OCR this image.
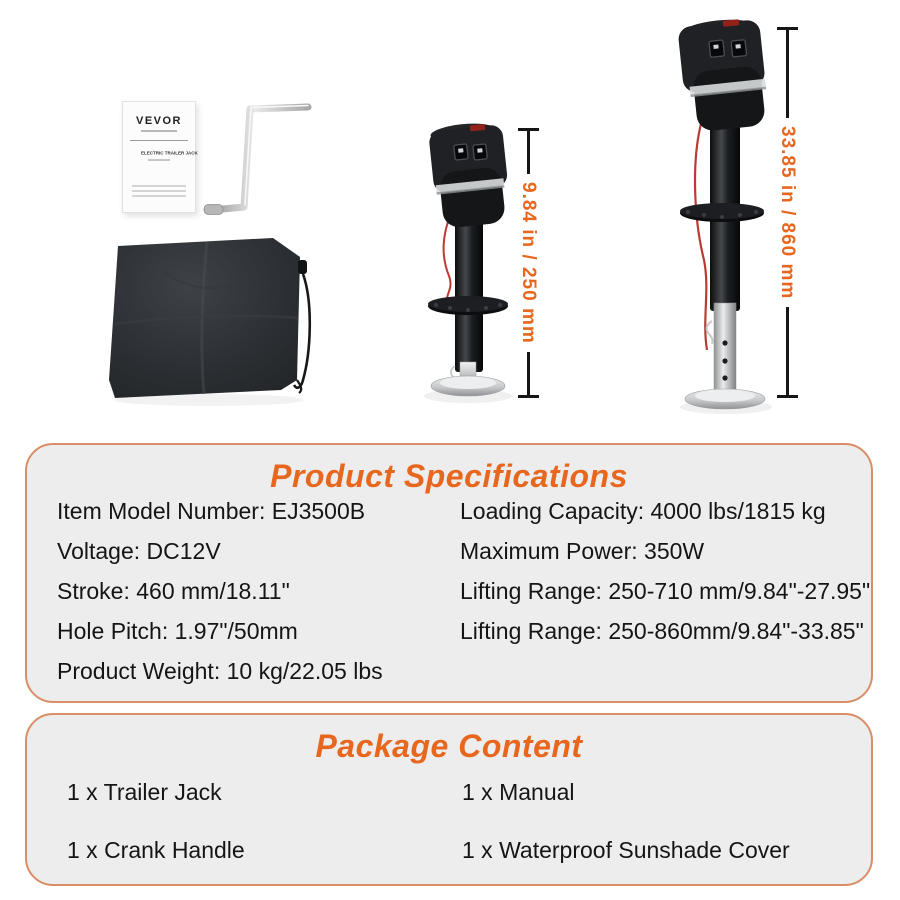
VEVOR
ELECTRIC TRAILER JACK
9.84 in / 250 mm	33.85 in / 860 mm
Product Specifications
Item Model Number: EJ3500B	Loading Capacity: 4000 lbs/1815 kg
Voltage: DC12V	Maximum Power: 350W
Stroke: 460 mm/18.11"	Lifting Range: 250-710 mm/9.84"-27.95"
Hole Pitch: 1.97"/50mm	Lifting Range: 250-860mm/9.84"-33.85"
Product Weight: 10 kg/22.05 lbs
Package Content
1 x Trailer Jack	1 x Manual
1 x Crank Handle	1 x Waterproof Sunshade Cover
